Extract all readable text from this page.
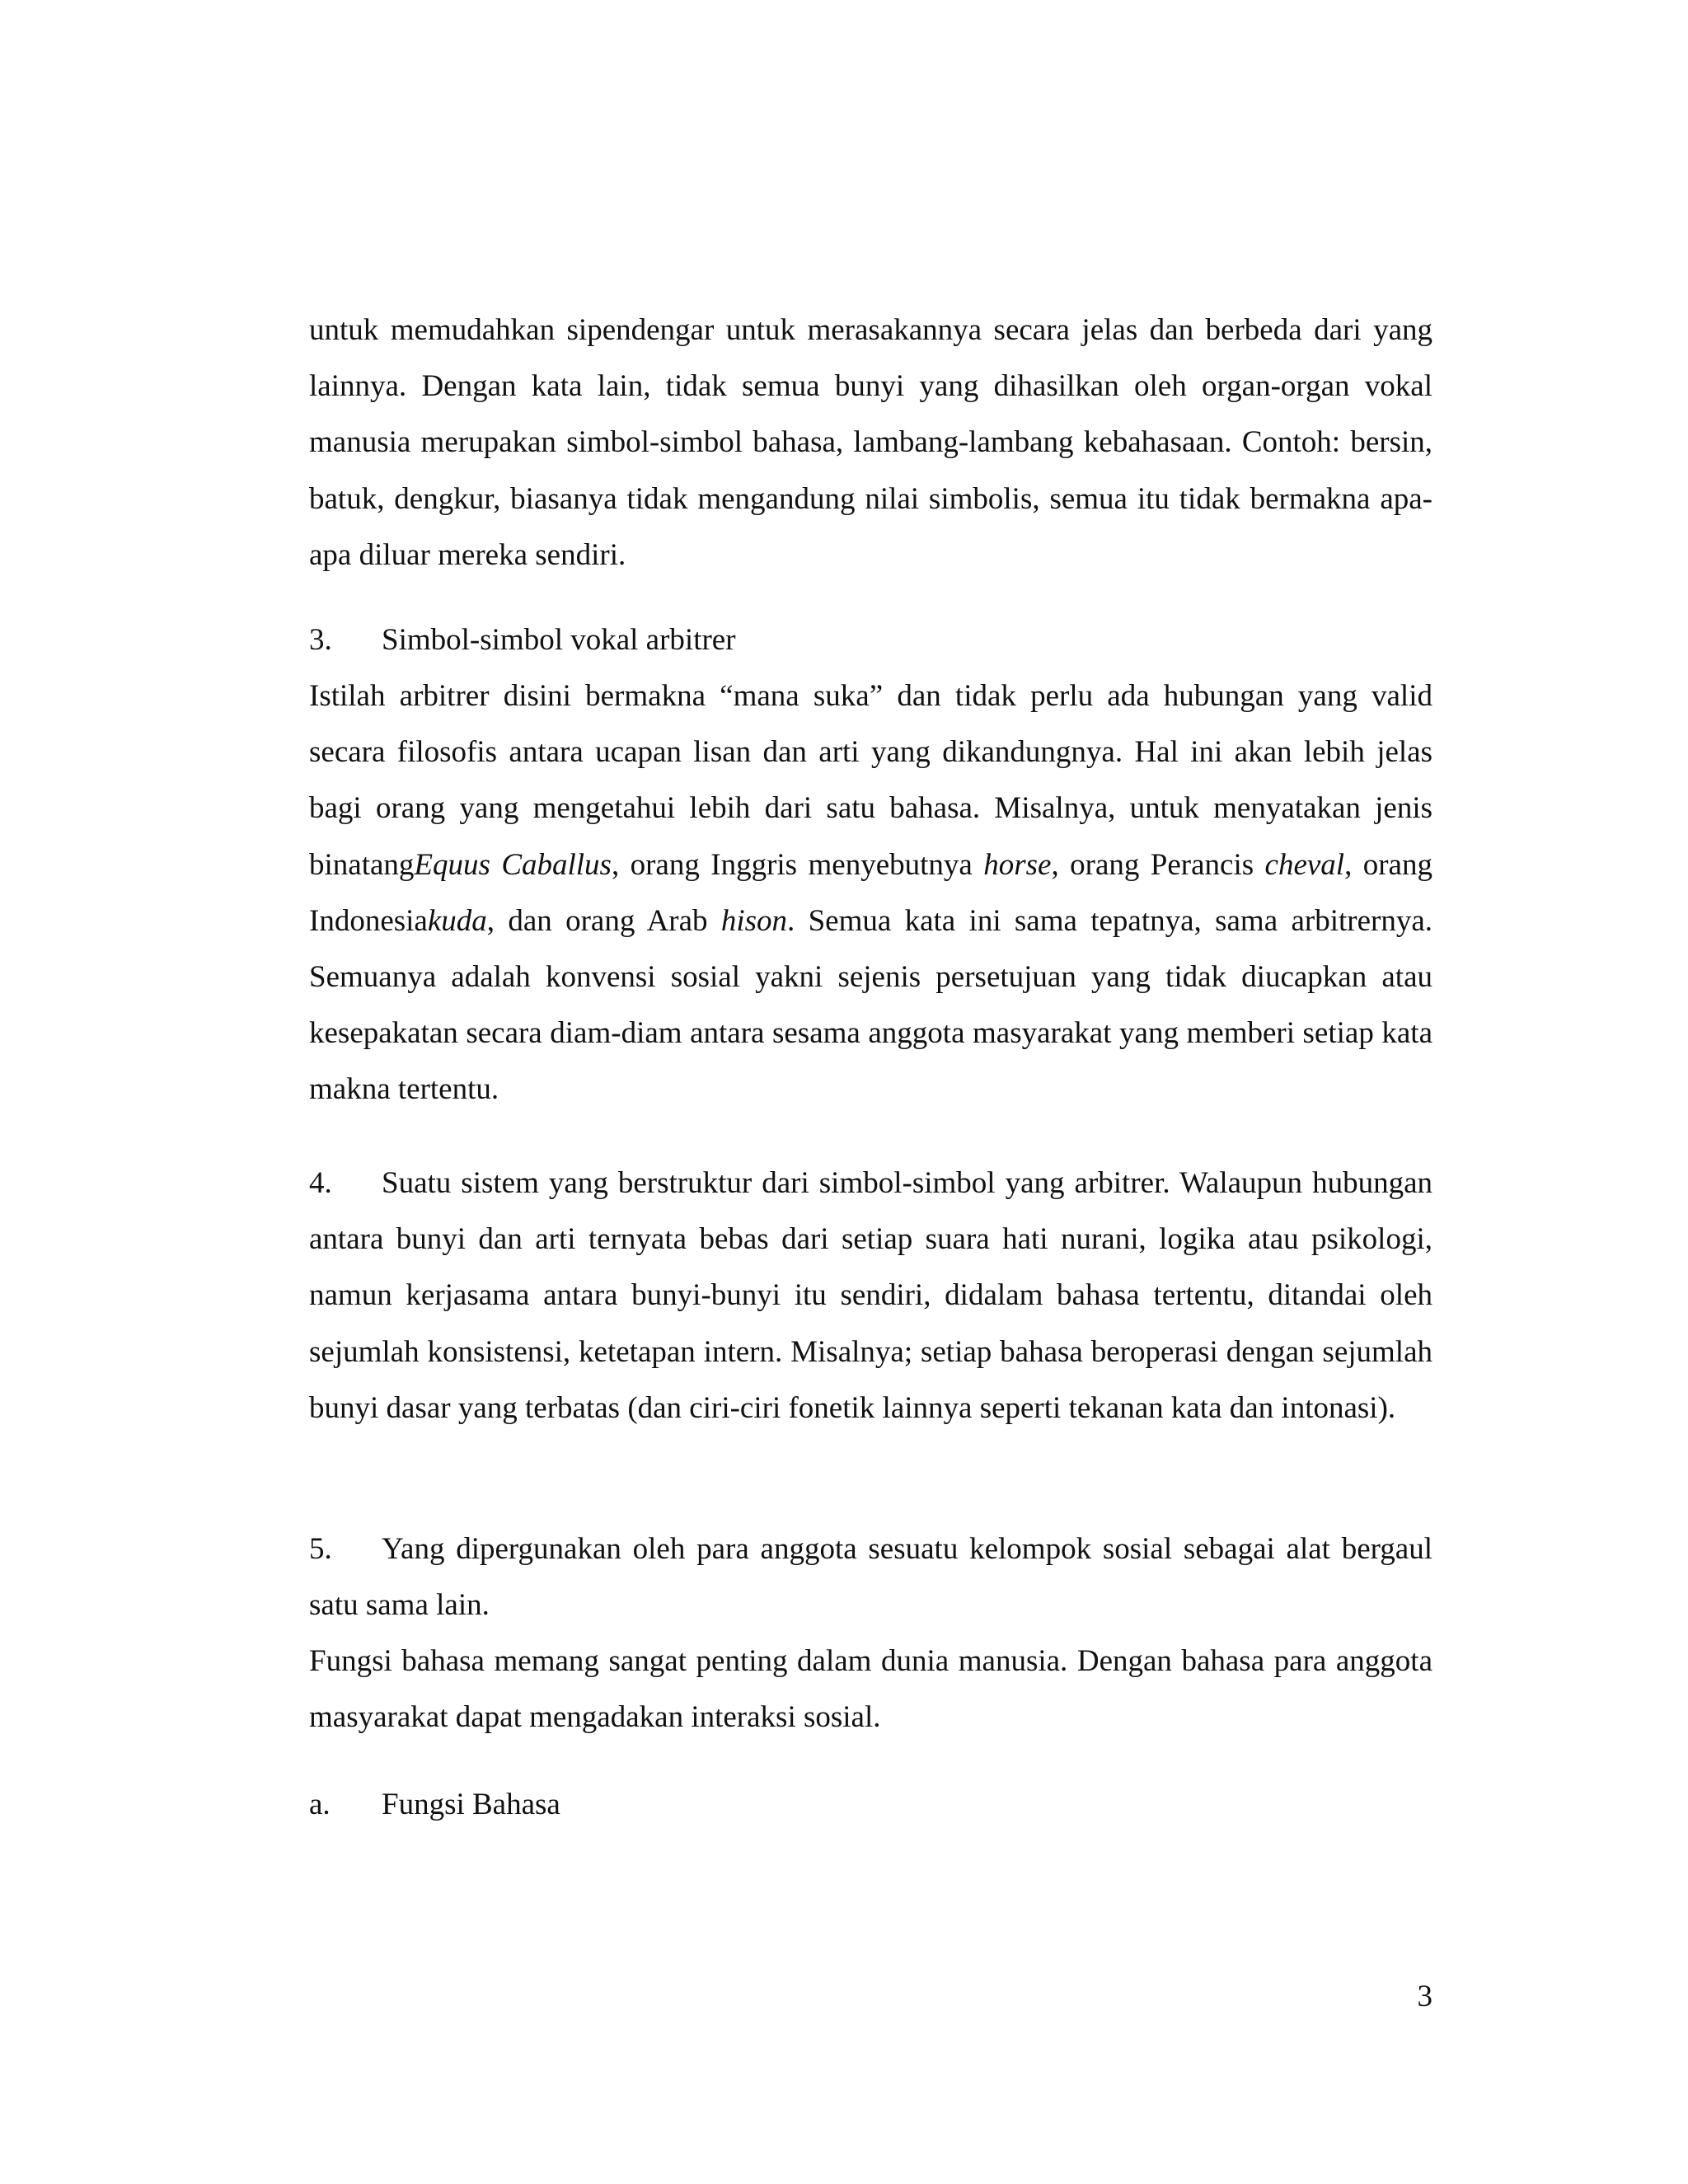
untuk memudahkan sipendengar untuk merasakannya secara jelas dan berbeda dari yang lainnya. Dengan kata lain, tidak semua bunyi yang dihasilkan oleh organ-organ vokal manusia merupakan simbol-simbol bahasa, lambang-lambang kebahasaan. Contoh: bersin, batuk, dengkur, biasanya tidak mengandung nilai simbolis, semua itu tidak bermakna apa-apa diluar mereka sendiri.

3. Simbol-simbol vokal arbitrer

Istilah arbitrer disini bermakna “mana suka” dan tidak perlu ada hubungan yang valid secara filosofis antara ucapan lisan dan arti yang dikandungnya. Hal ini akan lebih jelas bagi orang yang mengetahui lebih dari satu bahasa. Misalnya, untuk menyatakan jenis binatangEquus Caballus, orang Inggris menyebutnya horse, orang Perancis cheval, orang Indonesiakuda, dan orang Arab hison. Semua kata ini sama tepatnya, sama arbitrernya. Semuanya adalah konvensi sosial yakni sejenis persetujuan yang tidak diucapkan atau kesepakatan secara diam-diam antara sesama anggota masyarakat yang memberi setiap kata makna tertentu.

4. Suatu sistem yang berstruktur dari simbol-simbol yang arbitrer. Walaupun hubungan antara bunyi dan arti ternyata bebas dari setiap suara hati nurani, logika atau psikologi, namun kerjasama antara bunyi-bunyi itu sendiri, didalam bahasa tertentu, ditandai oleh sejumlah konsistensi, ketetapan intern. Misalnya; setiap bahasa beroperasi dengan sejumlah bunyi dasar yang terbatas (dan ciri-ciri fonetik lainnya seperti tekanan kata dan intonasi).

5. Yang dipergunakan oleh para anggota sesuatu kelompok sosial sebagai alat bergaul satu sama lain.

Fungsi bahasa memang sangat penting dalam dunia manusia. Dengan bahasa para anggota masyarakat dapat mengadakan interaksi sosial.

a. Fungsi Bahasa

3
